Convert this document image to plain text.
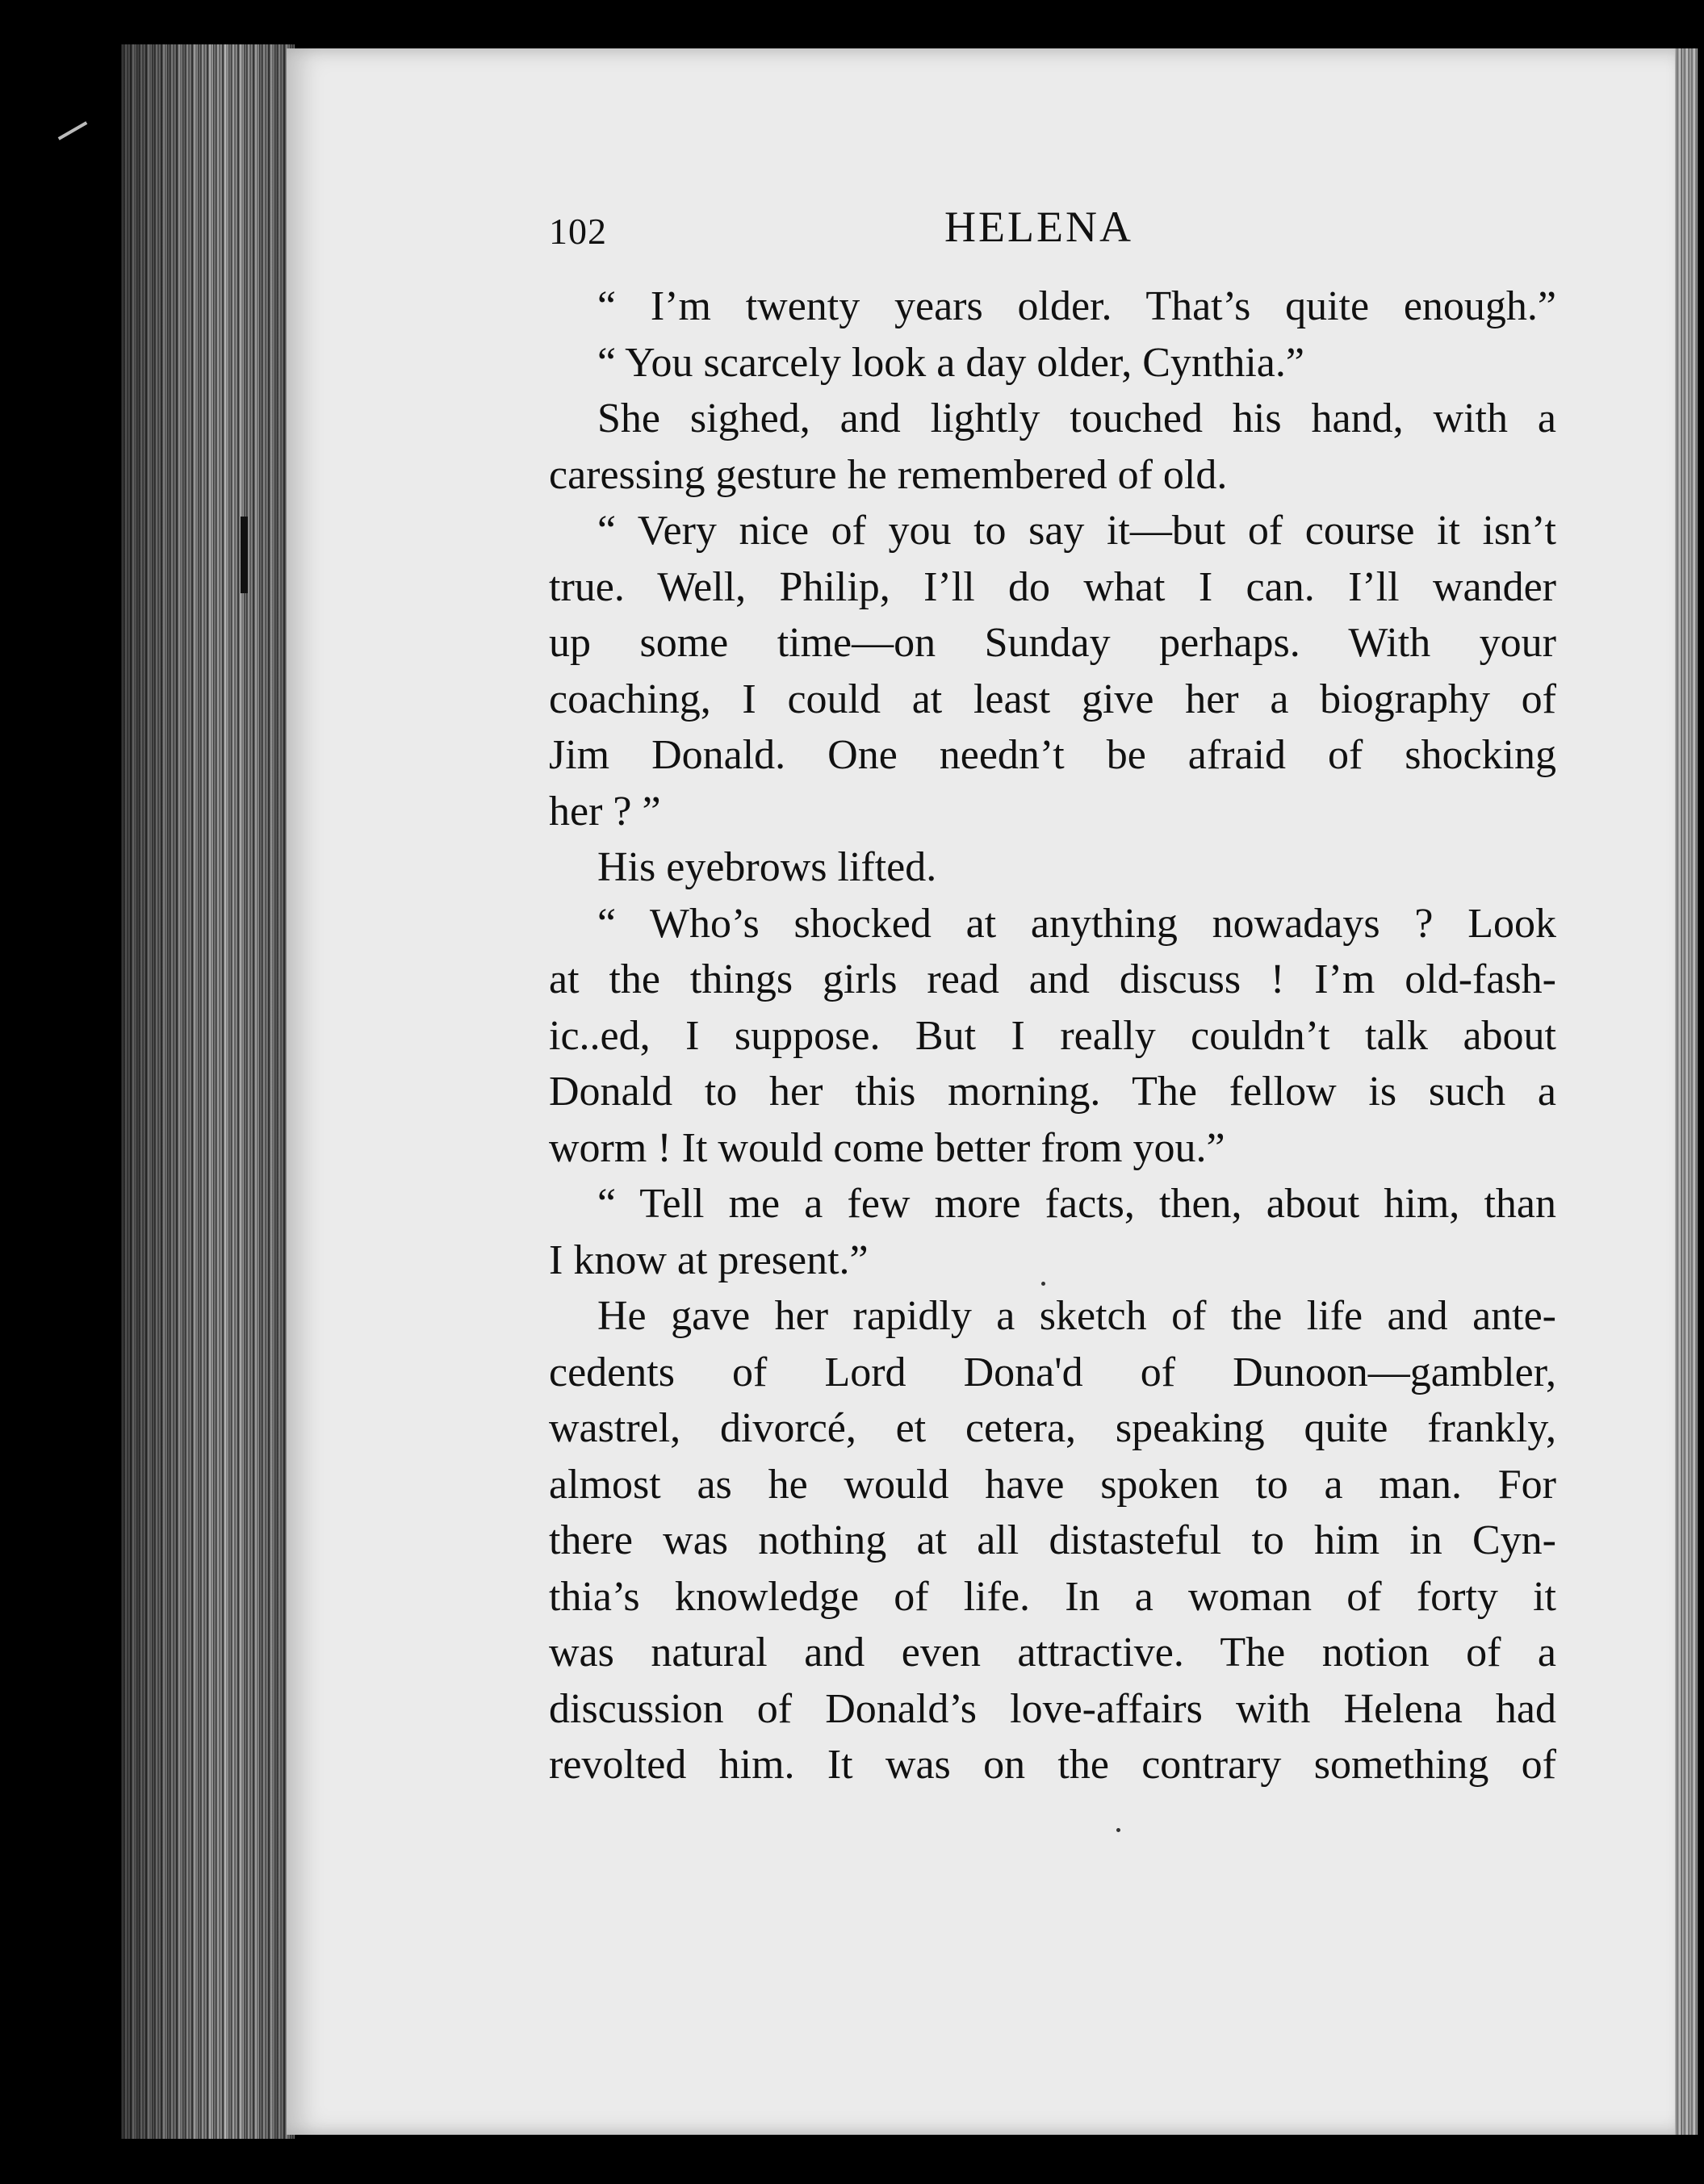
102	HELENA
“ I’m twenty years older. That’s quite enough.”
“ You scarcely look a day older, Cynthia.”
She sighed, and lightly touched his hand, with a
caressing gesture he remembered of old.
“ Very nice of you to say it—but of course it isn’t
true. Well, Philip, I’ll do what I can. I’ll wander
up some time—on Sunday perhaps. With your
coaching, I could at least give her a biography of
Jim Donald. One needn’t be afraid of shocking
her ? ”
His eyebrows lifted.
“ Who’s shocked at anything nowadays ? Look
at the things girls read and discuss ! I’m old-fash-
ic..ed, I suppose. But I really couldn’t talk about
Donald to her this morning. The fellow is such a
worm ! It would come better from you.”
“ Tell me a few more facts, then, about him, than
I know at present.”
He gave her rapidly a sketch of the life and ante-
cedents of Lord Dona'd of Dunoon—gambler,
wastrel, divorcé, et cetera, speaking quite frankly,
almost as he would have spoken to a man. For
there was nothing at all distasteful to him in Cyn-
thia’s knowledge of life. In a woman of forty it
was natural and even attractive. The notion of a
discussion of Donald’s love-affairs with Helena had
revolted him. It was on the contrary something of
